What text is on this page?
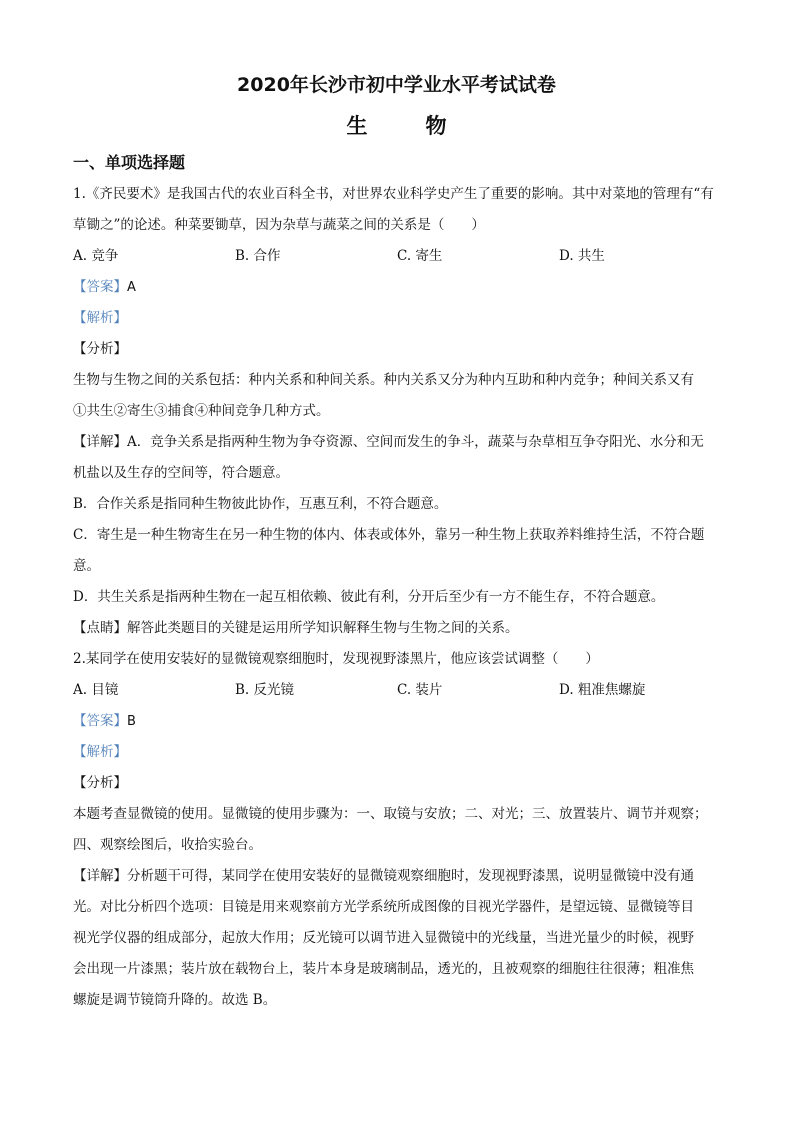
2020年长沙市初中学业水平考试试卷
生	物
一、单项选择题
1.《齐民要术》是我国古代的农业百科全书，对世界农业科学史产生了重要的影响。其中对菜地的管理有“有
草锄之”的论述。种菜要锄草，因为杂草与蔬菜之间的关系是（　　）
A. 竞争	B. 合作	C. 寄生	D. 共生
【答案】A
【解析】
【分析】
生物与生物之间的关系包括：种内关系和种间关系。种内关系又分为种内互助和种内竞争；种间关系又有
①共生②寄生③捕食④种间竞争几种方式。
【详解】A．竞争关系是指两种生物为争夺资源、空间而发生的争斗，蔬菜与杂草相互争夺阳光、水分和无
机盐以及生存的空间等，符合题意。
B．合作关系是指同种生物彼此协作，互惠互利，不符合题意。
C．寄生是一种生物寄生在另一种生物的体内、体表或体外，靠另一种生物上获取养料维持生活，不符合题
意。
D．共生关系是指两种生物在一起互相依赖、彼此有利，分开后至少有一方不能生存，不符合题意。
【点睛】解答此类题目的关键是运用所学知识解释生物与生物之间的关系。
2.某同学在使用安装好的显微镜观察细胞时，发现视野漆黑片，他应该尝试调整（　　）
A. 目镜	B. 反光镜	C. 装片	D. 粗准焦螺旋
【答案】B
【解析】
【分析】
本题考查显微镜的使用。显微镜的使用步骤为：一、取镜与安放；二、对光；三、放置装片、调节并观察；
四、观察绘图后，收拾实验台。
【详解】分析题干可得，某同学在使用安装好的显微镜观察细胞时，发现视野漆黑，说明显微镜中没有通
光。对比分析四个选项：目镜是用来观察前方光学系统所成图像的目视光学器件，是望远镜、显微镜等目
视光学仪器的组成部分，起放大作用；反光镜可以调节进入显微镜中的光线量，当进光量少的时候，视野
会出现一片漆黑；装片放在载物台上，装片本身是玻璃制品，透光的，且被观察的细胞往往很薄；粗准焦
螺旋是调节镜筒升降的。故选 B。
